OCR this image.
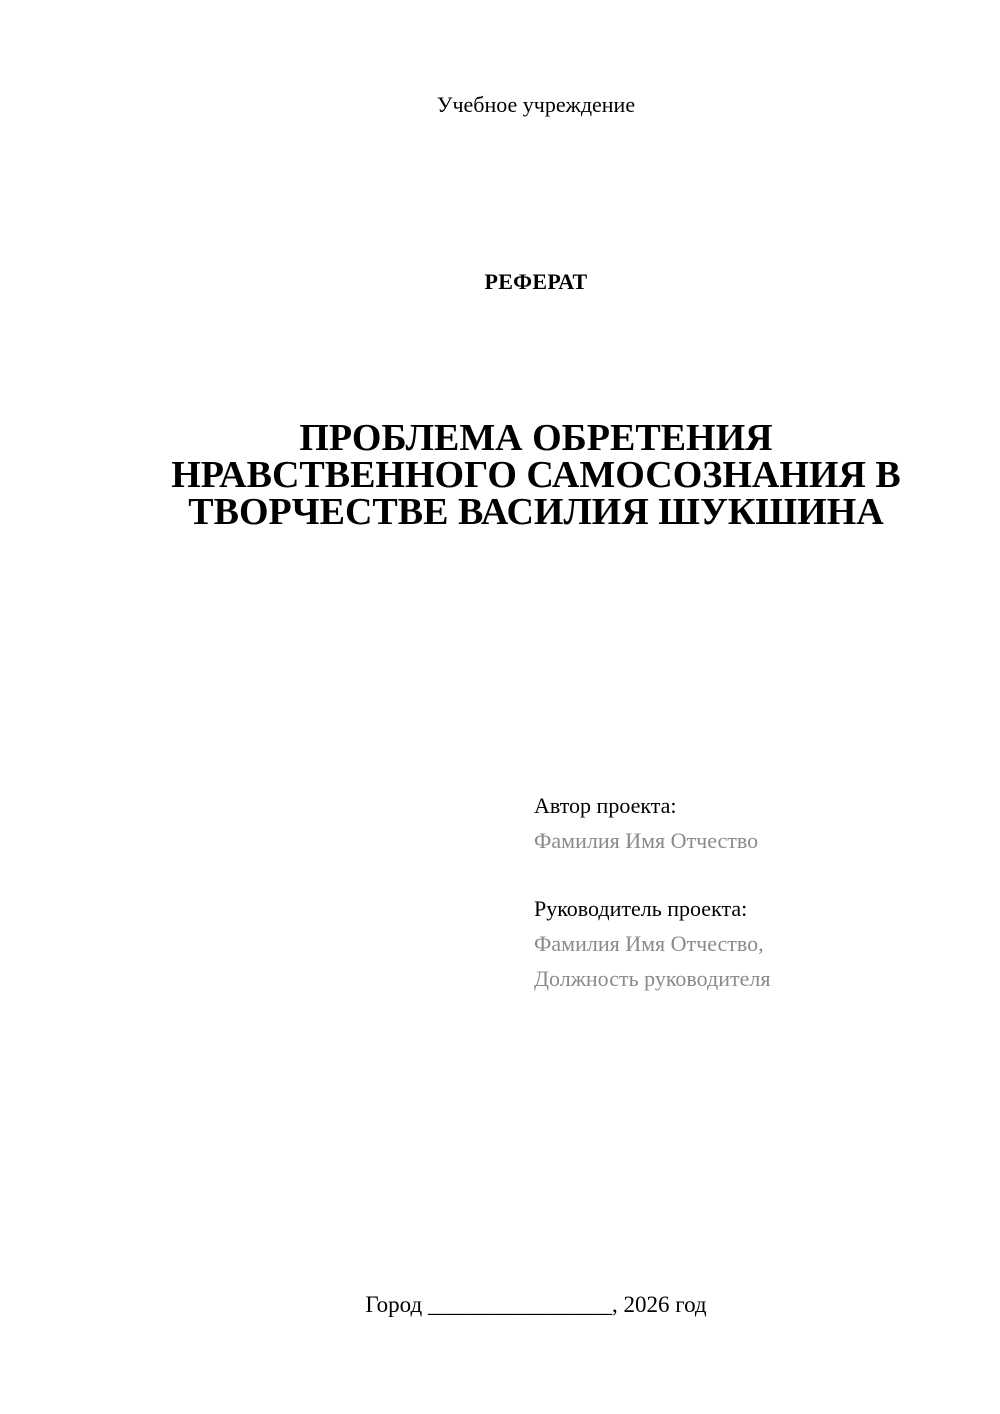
Учебное учреждение
РЕФЕРАТ
ПРОБЛЕМА ОБРЕТЕНИЯ
НРАВСТВЕННОГО САМОСОЗНАНИЯ В
ТВОРЧЕСТВЕ ВАСИЛИЯ ШУКШИНА
Автор проекта:
Фамилия Имя Отчество
Руководитель проекта:
Фамилия Имя Отчество,
Должность руководителя
Город ________________, 2026 год
